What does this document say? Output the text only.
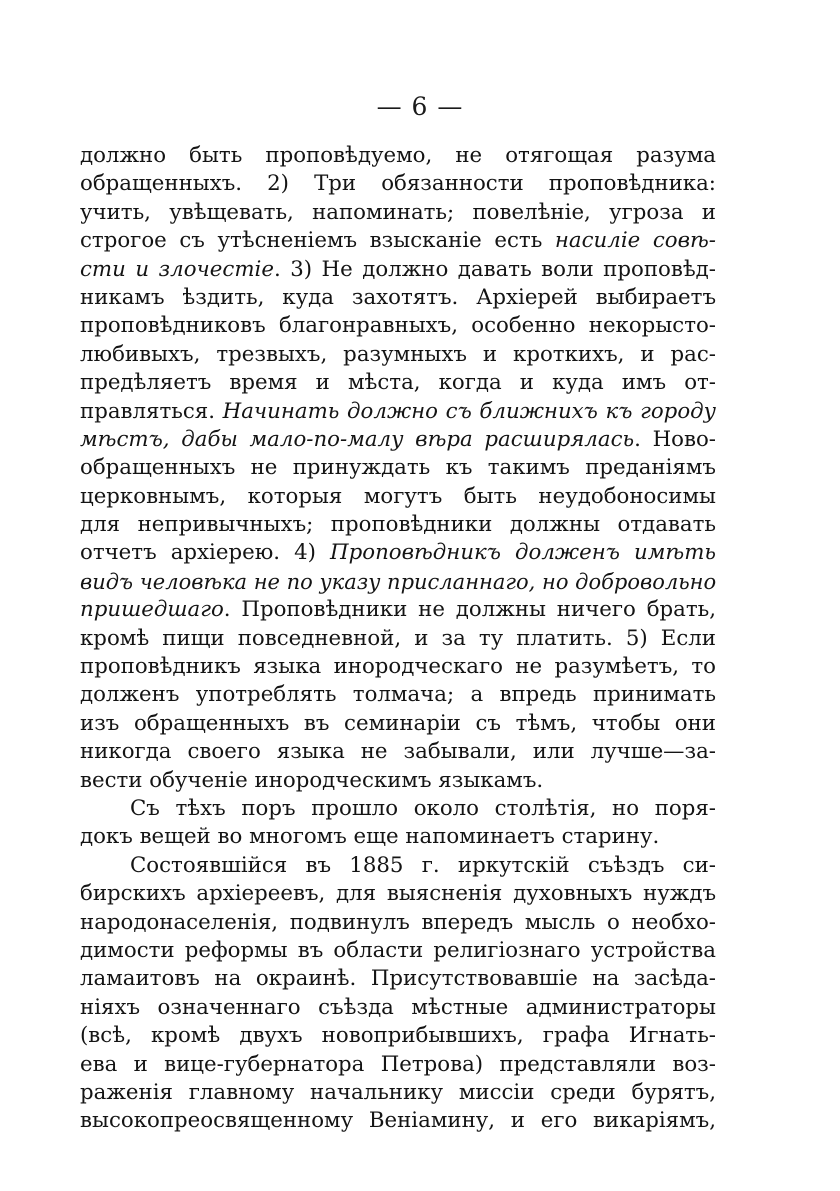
— 6 —
должно быть проповѣдуемо, не отягощая разума
обращенныхъ. 2) Три обязанности проповѣдника:
учить, увѣщевать, напоминать; повелѣніе, угроза и
строгое съ утѣсненіемъ взысканіе есть насиліе совѣ-
сти и злочестіе. 3) Не должно давать воли проповѣд-
никамъ ѣздить, куда захотятъ. Архіерей выбираетъ
проповѣдниковъ благонравныхъ, особенно некорысто-
любивыхъ, трезвыхъ, разумныхъ и кроткихъ, и рас-
предѣляетъ время и мѣста, когда и куда имъ от-
правляться. Начинать должно съ ближнихъ къ городу
мѣстъ, дабы мало-по-малу вѣра расширялась. Ново-
обращенныхъ не принуждать къ такимъ преданіямъ
церковнымъ, которыя могутъ быть неудобоносимы
для непривычныхъ; проповѣдники должны отдавать
отчетъ архіерею. 4) Проповѣдникъ долженъ имѣть
видъ человѣка не по указу присланнаго, но добровольно
пришедшаго. Проповѣдники не должны ничего брать,
кромѣ пищи повседневной, и за ту платить. 5) Если
проповѣдникъ языка инородческаго не разумѣетъ, то
долженъ употреблять толмача; а впредь принимать
изъ обращенныхъ въ семинаріи съ тѣмъ, чтобы они
никогда своего языка не забывали, или лучше—за-
вести обученіе инородческимъ языкамъ.
Съ тѣхъ поръ прошло около столѣтія, но поря-
докъ вещей во многомъ еще напоминаетъ старину.
Состоявшійся въ 1885 г. иркутскій съѣздъ си-
бирскихъ архіереевъ, для выясненія духовныхъ нуждъ
народонаселенія, подвинулъ впередъ мысль о необхо-
димости реформы въ области религіознаго устройства
ламаитовъ на окраинѣ. Присутствовавшіе на засѣда-
ніяхъ означеннаго съѣзда мѣстные администраторы
(всѣ, кромѣ двухъ новоприбывшихъ, графа Игнать-
ева и вице-губернатора Петрова) представляли воз-
раженія главному начальнику миссіи среди бурятъ,
высокопреосвященному Веніамину, и его викаріямъ,
